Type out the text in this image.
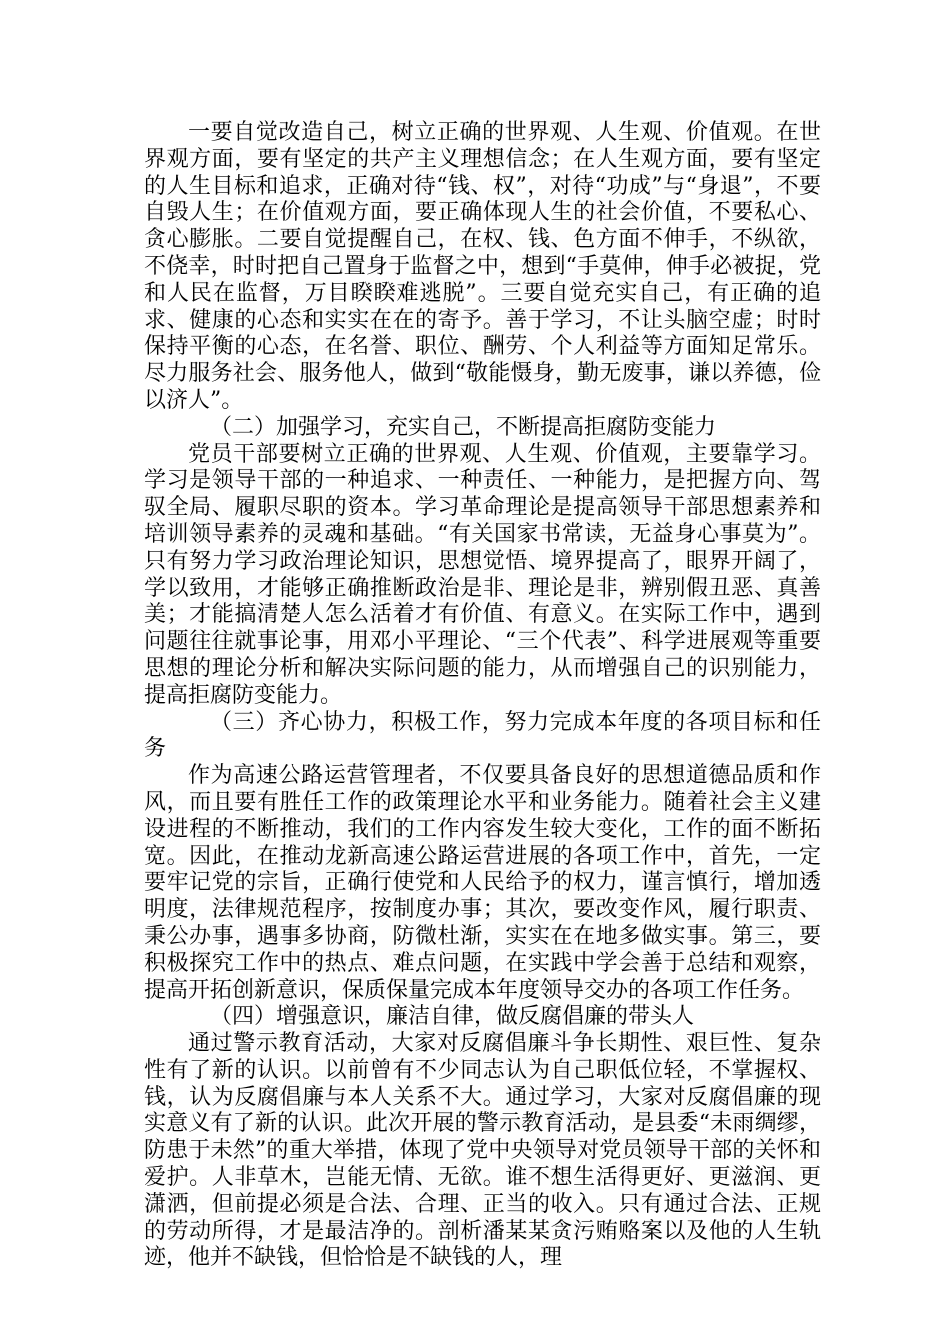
一要自觉改造自己，树立正确的世界观、人生观、价值观。在世界观方面，要有坚定的共产主义理想信念；在人生观方面，要有坚定的人生目标和追求，正确对待“钱、权”，对待“功成”与“身退”，不要自毁人生；在价值观方面，要正确体现人生的社会价值，不要私心、贪心膨胀。二要自觉提醒自己，在权、钱、色方面不伸手，不纵欲，不侥幸，时时把自己置身于监督之中，想到“手莫伸，伸手必被捉，党和人民在监督，万目睽睽难逃脱”。三要自觉充实自己，有正确的追求、健康的心态和实实在在的寄予。善于学习，不让头脑空虚；时时保持平衡的心态，在名誉、职位、酬劳、个人利益等方面知足常乐。尽力服务社会、服务他人，做到“敬能慑身，勤无废事，谦以养德，俭以济人”。

（二）加强学习，充实自己，不断提高拒腐防变能力

党员干部要树立正确的世界观、人生观、价值观，主要靠学习。学习是领导干部的一种追求、一种责任、一种能力，是把握方向、驾驭全局、履职尽职的资本。学习革命理论是提高领导干部思想素养和培训领导素养的灵魂和基础。“有关国家书常读，无益身心事莫为”。只有努力学习政治理论知识，思想觉悟、境界提高了，眼界开阔了，学以致用，才能够正确推断政治是非、理论是非，辨别假丑恶、真善美；才能搞清楚人怎么活着才有价值、有意义。在实际工作中，遇到问题往往就事论事，用邓小平理论、“三个代表”、科学进展观等重要思想的理论分析和解决实际问题的能力，从而增强自己的识别能力，提高拒腐防变能力。

（三）齐心协力，积极工作，努力完成本年度的各项目标和任务

作为高速公路运营管理者，不仅要具备良好的思想道德品质和作风，而且要有胜任工作的政策理论水平和业务能力。随着社会主义建设进程的不断推动，我们的工作内容发生较大变化，工作的面不断拓宽。因此，在推动龙新高速公路运营进展的各项工作中，首先，一定要牢记党的宗旨，正确行使党和人民给予的权力，谨言慎行，增加透明度，法律规范程序，按制度办事；其次，要改变作风，履行职责、秉公办事，遇事多协商，防微杜渐，实实在在地多做实事。第三，要积极探究工作中的热点、难点问题，在实践中学会善于总结和观察，提高开拓创新意识，保质保量完成本年度领导交办的各项工作任务。

（四）增强意识，廉洁自律，做反腐倡廉的带头人

通过警示教育活动，大家对反腐倡廉斗争长期性、艰巨性、复杂性有了新的认识。以前曾有不少同志认为自己职低位轻，不掌握权、钱，认为反腐倡廉与本人关系不大。通过学习，大家对反腐倡廉的现实意义有了新的认识。此次开展的警示教育活动，是县委“未雨绸缪，防患于未然”的重大举措，体现了党中央领导对党员领导干部的关怀和爱护。人非草木，岂能无情、无欲。谁不想生活得更好、更滋润、更潇洒，但前提必须是合法、合理、正当的收入。只有通过合法、正规的劳动所得，才是最洁净的。剖析潘某某贪污贿赂案以及他的人生轨迹，他并不缺钱，但恰恰是不缺钱的人，理
